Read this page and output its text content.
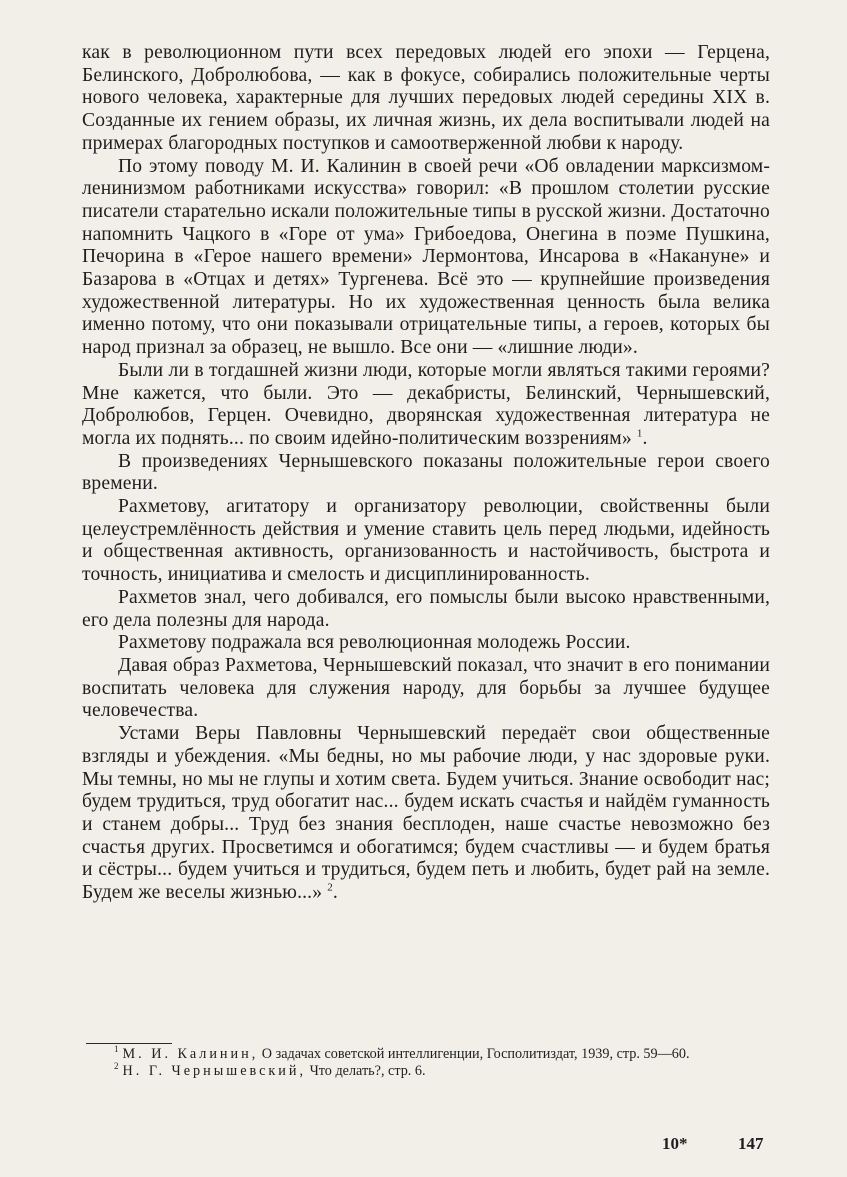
как в революционном пути всех передовых людей его эпохи — Герцена, Белинского, Добролюбова, — как в фокусе, собирались положительные черты нового человека, характерные для лучших передовых людей середины XIX в. Созданные их гением образы, их личная жизнь, их дела воспитывали людей на примерах благородных поступков и самоотверженной любви к народу.

По этому поводу М. И. Калинин в своей речи «Об овладении марксизмом-ленинизмом работниками искусства» говорил: «В прошлом столетии русские писатели старательно искали положительные типы в русской жизни. Достаточно напомнить Чацкого в «Горе от ума» Грибоедова, Онегина в поэме Пушкина, Печорина в «Герое нашего времени» Лермонтова, Инсарова в «Накануне» и Базарова в «Отцах и детях» Тургенева. Всё это — крупнейшие произведения художественной литературы. Но их художественная ценность была велика именно потому, что они показывали отрицательные типы, а героев, которых бы народ признал за образец, не вышло. Все они — «лишние люди».

Были ли в тогдашней жизни люди, которые могли являться такими героями? Мне кажется, что были. Это — декабристы, Белинский, Чернышевский, Добролюбов, Герцен. Очевидно, дворянская художественная литература не могла их поднять... по своим идейно-политическим воззрениям» $^1$.

В произведениях Чернышевского показаны положительные герои своего времени.

Рахметову, агитатору и организатору революции, свойственны были целеустремлённость действия и умение ставить цель перед людьми, идейность и общественная активность, организованность и настойчивость, быстрота и точность, инициатива и смелость и дисциплинированность.

Рахметов знал, чего добивался, его помыслы были высоко нравственными, его дела полезны для народа.

Рахметову подражала вся революционная молодежь России.

Давая образ Рахметова, Чернышевский показал, что значит в его понимании воспитать человека для служения народу, для борьбы за лучшее будущее человечества.

Устами Веры Павловны Чернышевский передаёт свои общественные взгляды и убеждения. «Мы бедны, но мы рабочие люди, у нас здоровые руки. Мы темны, но мы не глупы и хотим света. Будем учиться. Знание освободит нас; будем трудиться, труд обогатит нас... будем искать счастья и найдём гуманность и станем добры... Труд без знания бесплоден, наше счастье невозможно без счастья других. Просветимся и обогатимся; будем счастливы — и будем братья и сёстры... будем учиться и трудиться, будем петь и любить, будет рай на земле. Будем же веселы жизнью...» $^2$.

$^1$ М. И. Калинин, О задачах советской интеллигенции, Госполитиздат, 1939, стр. 59—60.

$^2$ Н. Г. Чернышевский, Что делать?, стр. 6.

10*	147
